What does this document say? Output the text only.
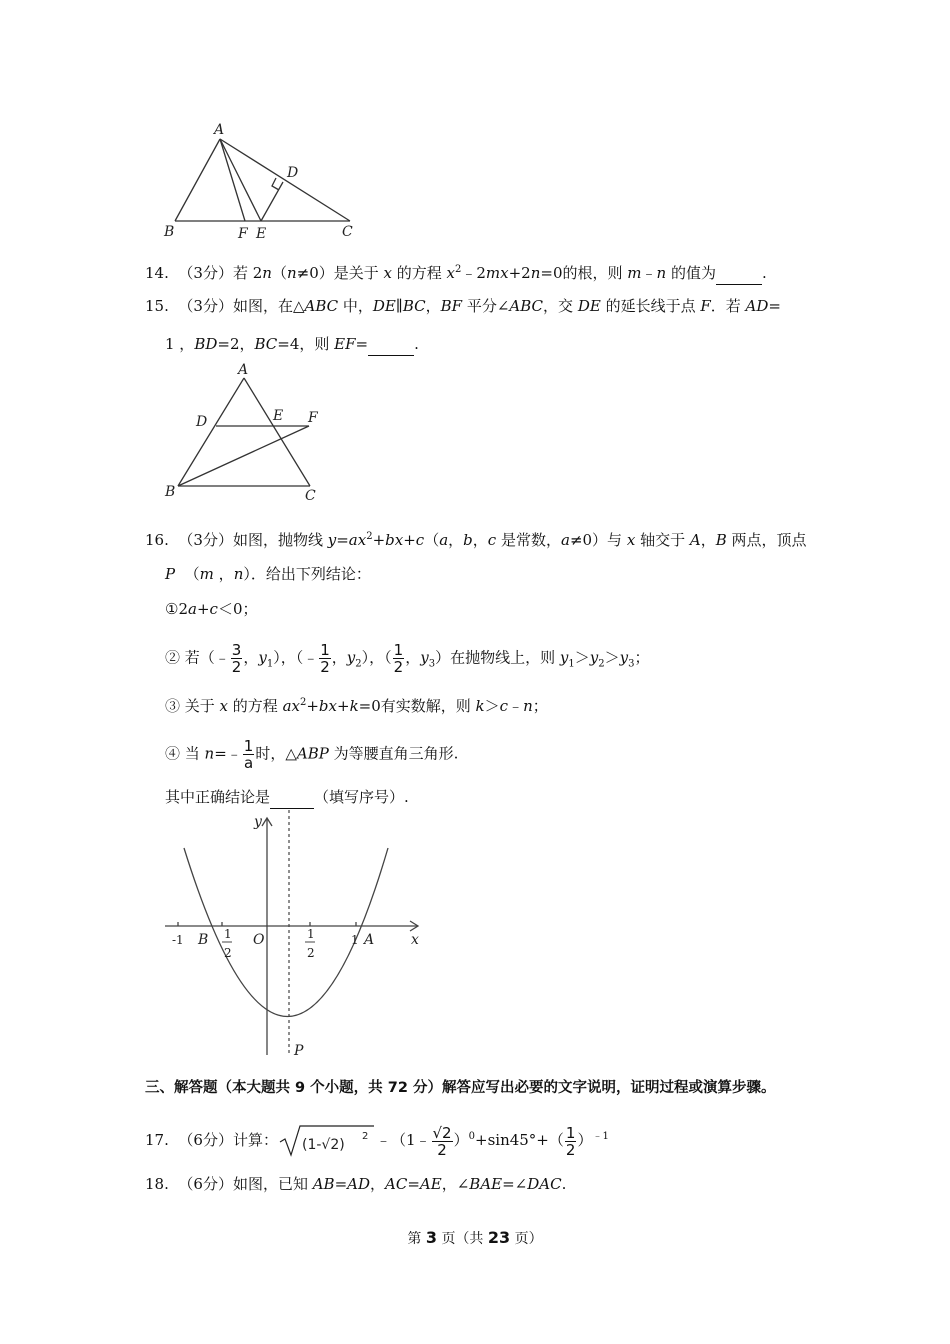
A
B	F E	C
D
14. （3分）若 2n（n≠0）是关于 x 的方程 $x^2﹣2mx+2n=0$的根，则 m﹣n 的值为	.
15. （3分）如图，在△ABC 中，DE∥BC，BF 平分∠ABC，交 DE 的延长线于点 F．若 AD=
1 ，BD=2，BC=4，则 EF=	.
A
D	E F
B	C
16. （3分）如图，抛物线 $y=ax^2+bx+c(a$，b，c 是常数，a≠0）与 x 轴交于 A，B 两点，顶点
P （m ，n）．给出下列结论：
①2a+c＜0；
② 若（﹣ $\frac{3}{2}$ ，$y_1$），（﹣ $\frac{1}{2}$ ，$y_2$），（ $\frac{1}{2}$ ，$y_3$）在抛物线上，则 $y_1>y_2>y_3$；
③ 关于 x 的方程 $ax^2+bx+k=0$有实数解，则 k＞c﹣n；
④ 当 n=﹣ $\frac{1}{a}$ 时，△ABP 为等腰直角三角形.
其中正确结论是	（填写序号）.
y
x
O
B	A
P
-1	1
1
2
1
2
三、解答题（本大题共 9 个小题，共 72 分）解答应写出必要的文字说明，证明过程或演算步骤。
17. （6分）计算： (1-√2)
2 ﹣（1﹣ $\frac{√2}{2} )^0+\sin 45^\circ+( \frac{1}{2} )^{﹣1}$
18. （6分）如图，已知 AB=AD，AC=AE，∠BAE=∠DAC.
第 3 页（共 23 页）
